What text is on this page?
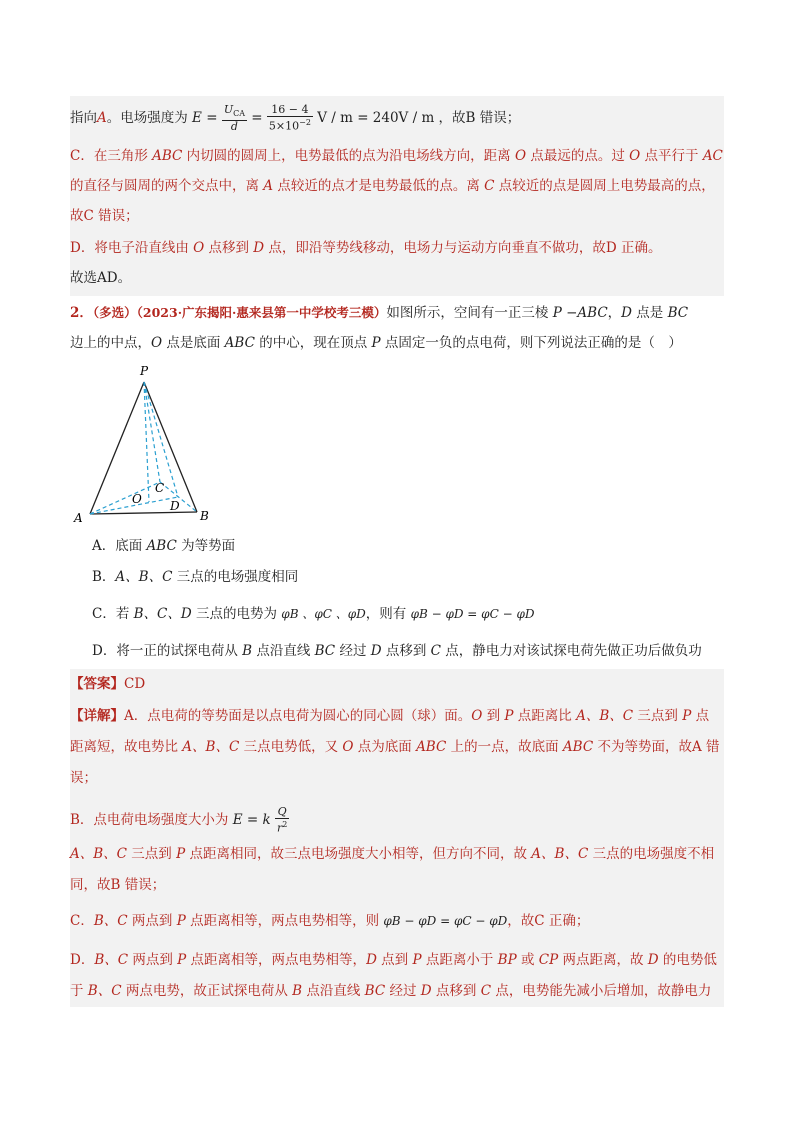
指向A。电场强度为 E =
$U_{CA}$
d
= $\frac{16 - 4}{5\times 10^{-2}}$ V / m = 240V / m ，故B 错误；
C．在三角形 ABC 内切圆的圆周上，电势最低的点为沿电场线方向，距离 O 点最远的点。过 O 点平行于 AC
的直径与圆周的两个交点中，离 A 点较近的点才是电势最低的点。离 C 点较近的点是圆周上电势最高的点，
故C 错误；
D．将电子沿直线由 O 点移到 D 点，即沿等势线移动，电场力与运动方向垂直不做功，故D 正确。
故选AD。
2．（多选）（2023·广东揭阳·惠来县第一中学校考三模）如图所示，空间有一正三棱 P −ABC，D 点是 BC
边上的中点，O 点是底面 ABC 的中心，现在顶点 P 点固定一负的点电荷，则下列说法正确的是（　）
P
A	B
C
O D
A．底面 ABC 为等势面
B．A、B、C 三点的电场强度相同
C．若 B、C、D 三点的电势为 φB 、φC 、φD，则有 φB − φD = φC − φD
D．将一正的试探电荷从 B 点沿直线 BC 经过 D 点移到 C 点，静电力对该试探电荷先做正功后做负功
【答案】CD
【详解】A．点电荷的等势面是以点电荷为圆心的同心圆（球）面。O 到 P 点距离比 A、B、C 三点到 P 点
距离短，故电势比 A、B、C 三点电势低，又 O 点为底面 ABC 上的一点，故底面 ABC 不为等势面，故A 错
误；
B．点电荷电场强度大小为 E = k $\frac{Q}{r^2}$
A、B、C 三点到 P 点距离相同，故三点电场强度大小相等，但方向不同，故 A、B、C 三点的电场强度不相
同，故B 错误；
C．B、C 两点到 P 点距离相等，两点电势相等，则 φB − φD = φC − φD，故C 正确；
D．B、C 两点到 P 点距离相等，两点电势相等，D 点到 P 点距离小于 BP 或 CP 两点距离，故 D 的电势低
于 B、C 两点电势，故正试探电荷从 B 点沿直线 BC 经过 D 点移到 C 点，电势能先减小后增加，故静电力
